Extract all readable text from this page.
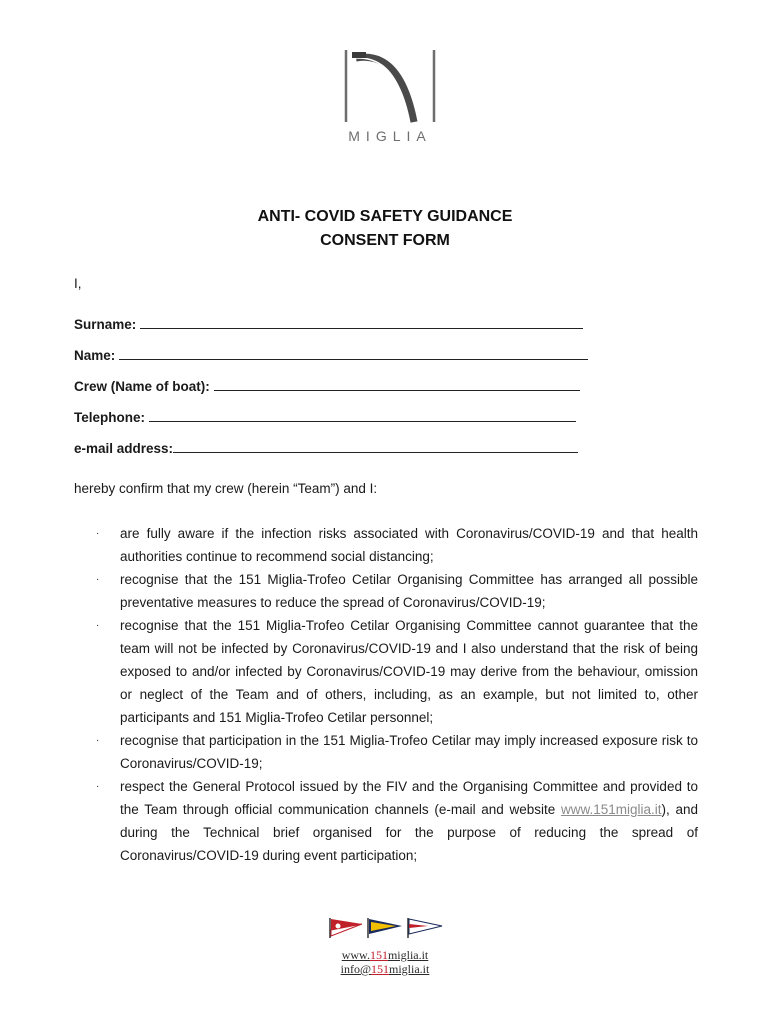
MIGLIA
ANTI- COVID SAFETY GUIDANCE
CONSENT FORM
I,
Surname:
Name:
Crew (Name of boat):
Telephone:
e-mail address:
hereby confirm that my crew (herein “Team”) and I:
· are fully aware if the infection risks associated with Coronavirus/COVID-19 and that health authorities continue to recommend social distancing;
· recognise that the 151 Miglia-Trofeo Cetilar Organising Committee has arranged all possible preventative measures to reduce the spread of Coronavirus/COVID-19;
· recognise that the 151 Miglia-Trofeo Cetilar Organising Committee cannot guarantee that the team will not be infected by Coronavirus/COVID-19 and I also understand that the risk of being exposed to and/or infected by Coronavirus/COVID-19 may derive from the behaviour, omission or neglect of the Team and of others, including, as an example, but not limited to, other participants and 151 Miglia-Trofeo Cetilar personnel;
· recognise that participation in the 151 Miglia-Trofeo Cetilar may imply increased exposure risk to Coronavirus/COVID-19;
· respect the General Protocol issued by the FIV and the Organising Committee and provided to the Team through official communication channels (e-mail and website www.151miglia.it), and during the Technical brief organised for the purpose of reducing the spread of Coronavirus/COVID-19 during event participation;
www.151miglia.it
info@151miglia.it
